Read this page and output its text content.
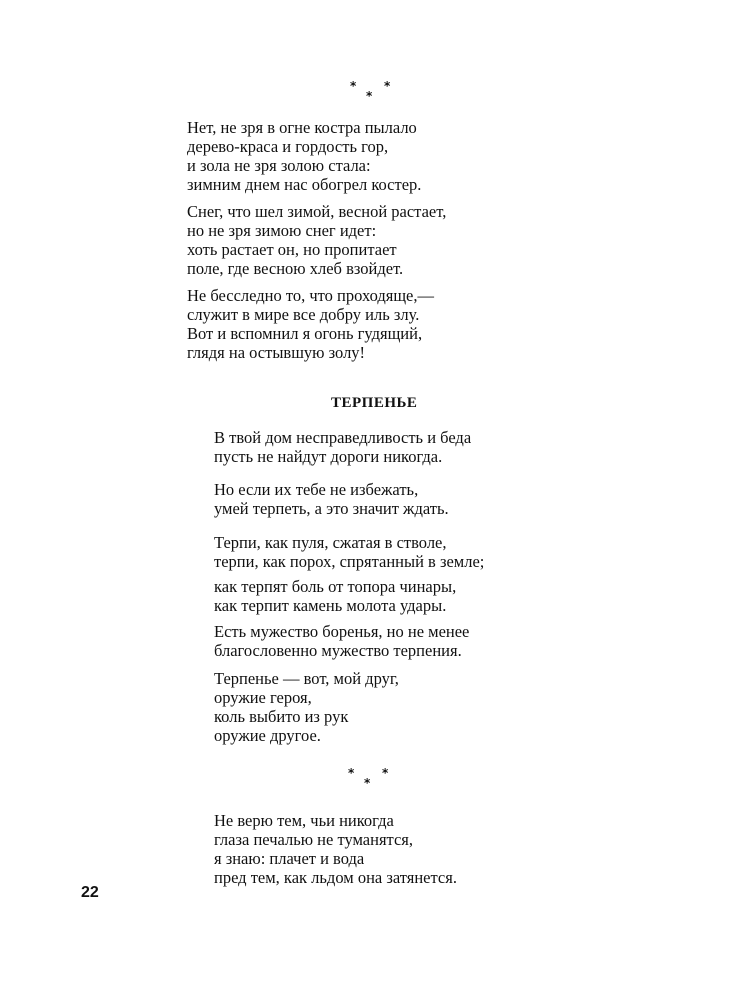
*
*
*
Нет, не зря в огне костра пылало
дерево-краса и гордость гор,
и зола не зря золою стала:
зимним днем нас обогрел костер.
Снег, что шел зимой, весной растает,
но не зря зимою снег идет:
хоть растает он, но пропитает
поле, где весною хлеб взойдет.
Не бесследно то, что проходяще,—
служит в мире все добру иль злу.
Вот и вспомнил я огонь гудящий,
глядя на остывшую золу!
ТЕРПЕНЬЕ
В твой дом несправедливость и беда
пусть не найдут дороги никогда.
Но если их тебе не избежать,
умей терпеть, а это значит ждать.
Терпи, как пуля, сжатая в стволе,
терпи, как порох, спрятанный в земле;
как терпят боль от топора чинары,
как терпит камень молота удары.
Есть мужество боренья, но не менее
благословенно мужество терпения.
Терпенье — вот, мой друг,
оружие героя,
коль выбито из рук
оружие другое.
*
*
*
Не верю тем, чьи никогда
глаза печалью не туманятся,
я знаю: плачет и вода
пред тем, как льдом она затянется.
22
